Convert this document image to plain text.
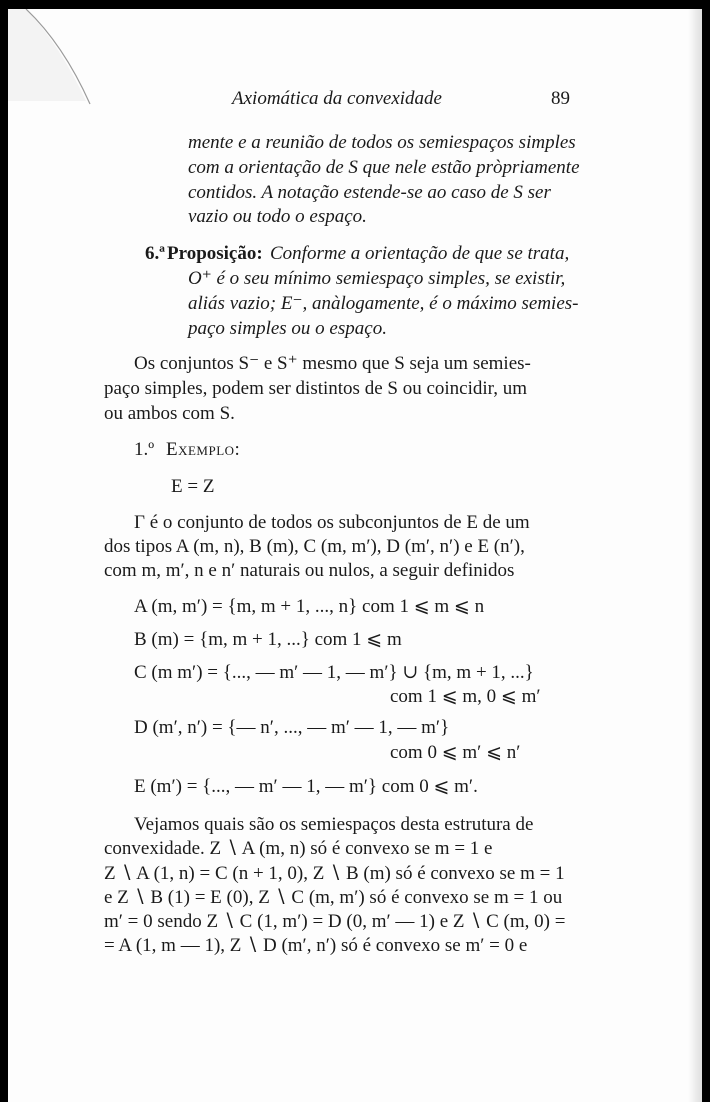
Axiomática da convexidade	89
mente e a reunião de todos os semiespaços simples
com a orientação de S que nele estão pròpriamente
contidos. A notação estende-se ao caso de S ser
vazio ou todo o espaço.
6.ª Proposição: Conforme a orientação de que se trata,
O⁺ é o seu mínimo semiespaço simples, se existir,
aliás vazio; E⁻, anàlogamente, é o máximo semies-
paço simples ou o espaço.
Os conjuntos S⁻ e S⁺ mesmo que S seja um semies-
paço simples, podem ser distintos de S ou coincidir, um
ou ambos com S.
1.º Exemplo:
E = Z
Γ é o conjunto de todos os subconjuntos de E de um
dos tipos A (m, n), B (m), C (m, m′), D (m′, n′) e E (n′),
com m, m′, n e n′ naturais ou nulos, a seguir definidos
A (m, m′) = {m, m + 1, ..., n} com 1 ⩽ m ⩽ n
B (m) = {m, m + 1, ...} com 1 ⩽ m
C (m m′) = {..., — m′ — 1, — m′} ∪ {m, m + 1, ...}
com 1 ⩽ m, 0 ⩽ m′
D (m′, n′) = {— n′, ..., — m′ — 1, — m′}
com 0 ⩽ m′ ⩽ n′
E (m′) = {..., — m′ — 1, — m′} com 0 ⩽ m′.
Vejamos quais são os semiespaços desta estrutura de
convexidade. Z ∖ A (m, n) só é convexo se m = 1 e
Z ∖ A (1, n) = C (n + 1, 0), Z ∖ B (m) só é convexo se m = 1
e Z ∖ B (1) = E (0), Z ∖ C (m, m′) só é convexo se m = 1 ou
m′ = 0 sendo Z ∖ C (1, m′) = D (0, m′ — 1) e Z ∖ C (m, 0) =
= A (1, m — 1), Z ∖ D (m′, n′) só é convexo se m′ = 0 e
